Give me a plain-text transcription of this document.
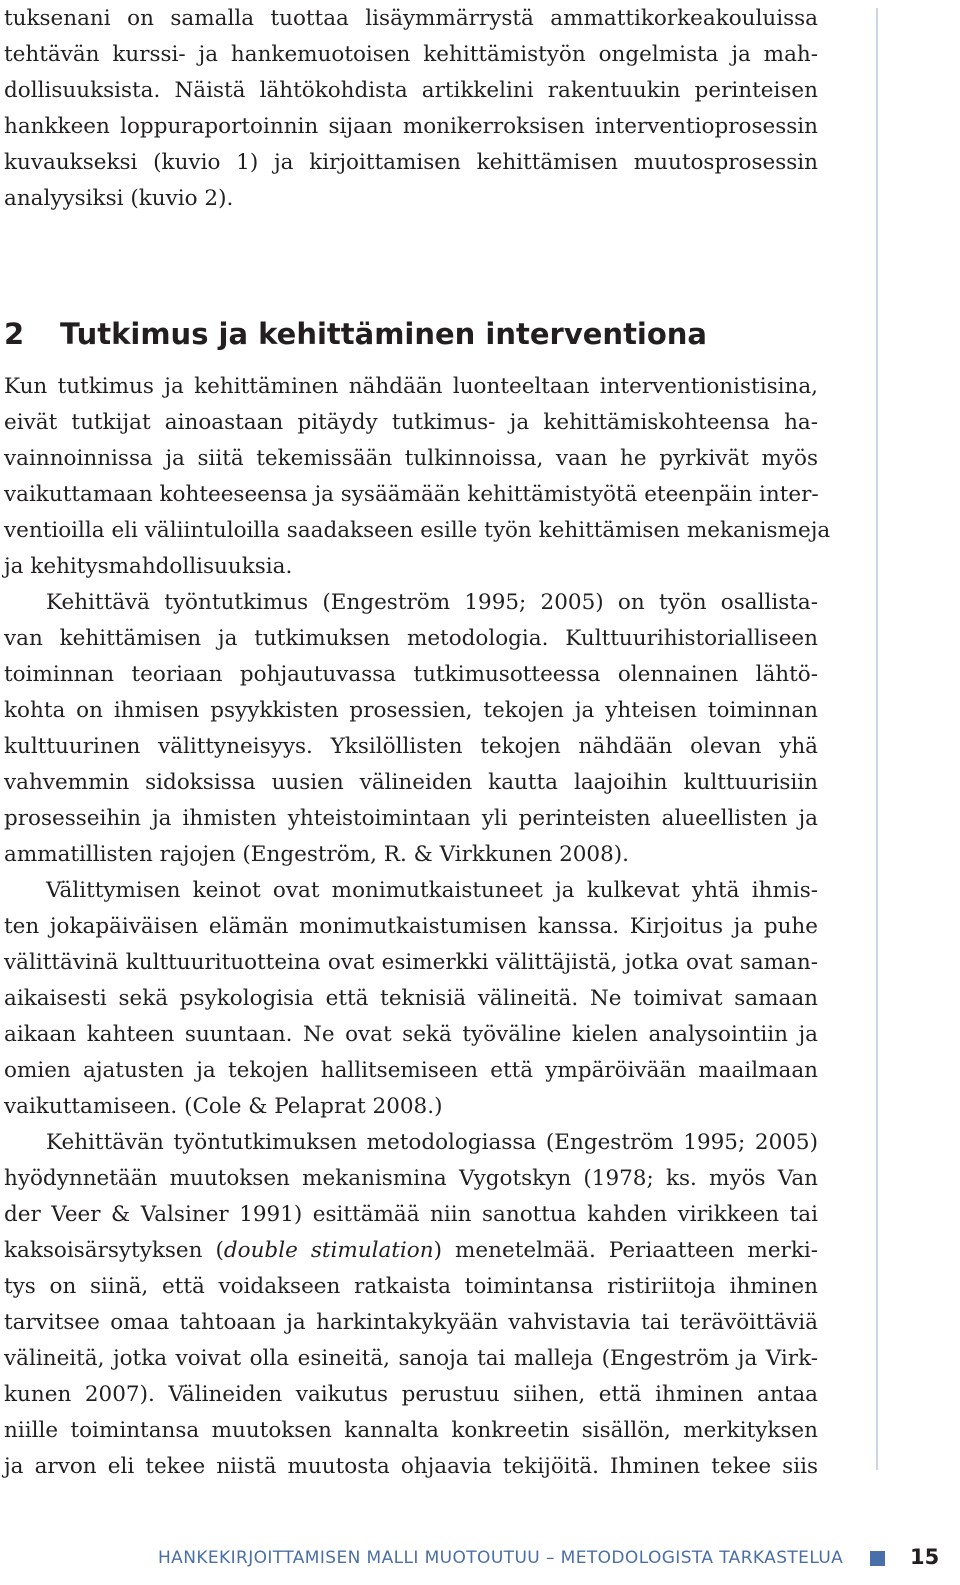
tuksenani on samalla tuottaa lisäymmärrystä ammattikorkeakouluissa
tehtävän kurssi- ja hankemuotoisen kehittämistyön ongelmista ja mah-
dollisuuksista. Näistä lähtökohdista artikkelini rakentuukin perinteisen
hankkeen loppuraportoinnin sijaan monikerroksisen interventioprosessin
kuvaukseksi (kuvio 1) ja kirjoittamisen kehittämisen muutosprosessin
analyysiksi (kuvio 2).
2 Tutkimus ja kehittäminen interventiona
Kun tutkimus ja kehittäminen nähdään luonteeltaan interventionistisina,
eivät tutkijat ainoastaan pitäydy tutkimus- ja kehittämiskohteensa ha-
vainnoinnissa ja siitä tekemissään tulkinnoissa, vaan he pyrkivät myös
vaikuttamaan kohteeseensa ja sysäämään kehittämistyötä eteenpäin inter-
ventioilla eli väliintuloilla saadakseen esille työn kehittämisen mekanismeja
ja kehitysmahdollisuuksia.
Kehittävä työntutkimus (Engeström 1995; 2005) on työn osallista-
van kehittämisen ja tutkimuksen metodologia. Kulttuurihistorialliseen
toiminnan teoriaan pohjautuvassa tutkimusotteessa olennainen lähtö-
kohta on ihmisen psyykkisten prosessien, tekojen ja yhteisen toiminnan
kulttuurinen välittyneisyys. Yksilöllisten tekojen nähdään olevan yhä
vahvemmin sidoksissa uusien välineiden kautta laajoihin kulttuurisiin
prosesseihin ja ihmisten yhteistoimintaan yli perinteisten alueellisten ja
ammatillisten rajojen (Engeström, R. & Virkkunen 2008).
Välittymisen keinot ovat monimutkaistuneet ja kulkevat yhtä ihmis-
ten jokapäiväisen elämän monimutkaistumisen kanssa. Kirjoitus ja puhe
välittävinä kulttuurituotteina ovat esimerkki välittäjistä, jotka ovat saman-
aikaisesti sekä psykologisia että teknisiä välineitä. Ne toimivat samaan
aikaan kahteen suuntaan. Ne ovat sekä työväline kielen analysointiin ja
omien ajatusten ja tekojen hallitsemiseen että ympäröivään maailmaan
vaikuttamiseen. (Cole & Pelaprat 2008.)
Kehittävän työntutkimuksen metodologiassa (Engeström 1995; 2005)
hyödynnetään muutoksen mekanismina Vygotskyn (1978; ks. myös Van
der Veer & Valsiner 1991) esittämää niin sanottua kahden virikkeen tai
kaksoisärsytyksen (double stimulation) menetelmää. Periaatteen merki-
tys on siinä, että voidakseen ratkaista toimintansa ristiriitoja ihminen
tarvitsee omaa tahtoaan ja harkintakykyään vahvistavia tai terävöittäviä
välineitä, jotka voivat olla esineitä, sanoja tai malleja (Engeström ja Virk-
kunen 2007). Välineiden vaikutus perustuu siihen, että ihminen antaa
niille toimintansa muutoksen kannalta konkreetin sisällön, merkityksen
ja arvon eli tekee niistä muutosta ohjaavia tekijöitä. Ihminen tekee siis
HANKEKIRJOITTAMISEN MALLI MUOTOUTUU – METODOLOGISTA TARKASTELUA	15
